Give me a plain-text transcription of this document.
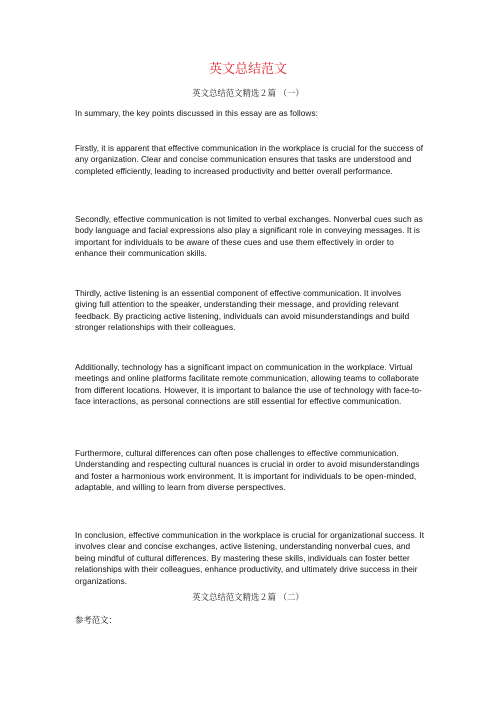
英文总结范文
英文总结范文精选２篇 （一）

In summary, the key points discussed in this essay are as follows:

Firstly, it is apparent that effective communication in the workplace is crucial for the success of any organization. Clear and concise communication ensures that tasks are understood and completed efficiently, leading to increased productivity and better overall performance.

Secondly, effective communication is not limited to verbal exchanges. Nonverbal cues such as body language and facial expressions also play a significant role in conveying messages. It is important for individuals to be aware of these cues and use them effectively in order to enhance their communication skills.

Thirdly, active listening is an essential component of effective communication. It involves giving full attention to the speaker, understanding their message, and providing relevant feedback. By practicing active listening, individuals can avoid misunderstandings and build stronger relationships with their colleagues.

Additionally, technology has a significant impact on communication in the workplace. Virtual meetings and online platforms facilitate remote communication, allowing teams to collaborate from different locations. However, it is important to balance the use of technology with face-to-face interactions, as personal connections are still essential for effective communication.

Furthermore, cultural differences can often pose challenges to effective communication. Understanding and respecting cultural nuances is crucial in order to avoid misunderstandings and foster a harmonious work environment. It is important for individuals to be open-minded, adaptable, and willing to learn from diverse perspectives.

In conclusion, effective communication in the workplace is crucial for organizational success. It involves clear and concise exchanges, active listening, understanding nonverbal cues, and being mindful of cultural differences. By mastering these skills, individuals can foster better relationships with their colleagues, enhance productivity, and ultimately drive success in their organizations.

英文总结范文精选２篇 （二）
参考范文：
